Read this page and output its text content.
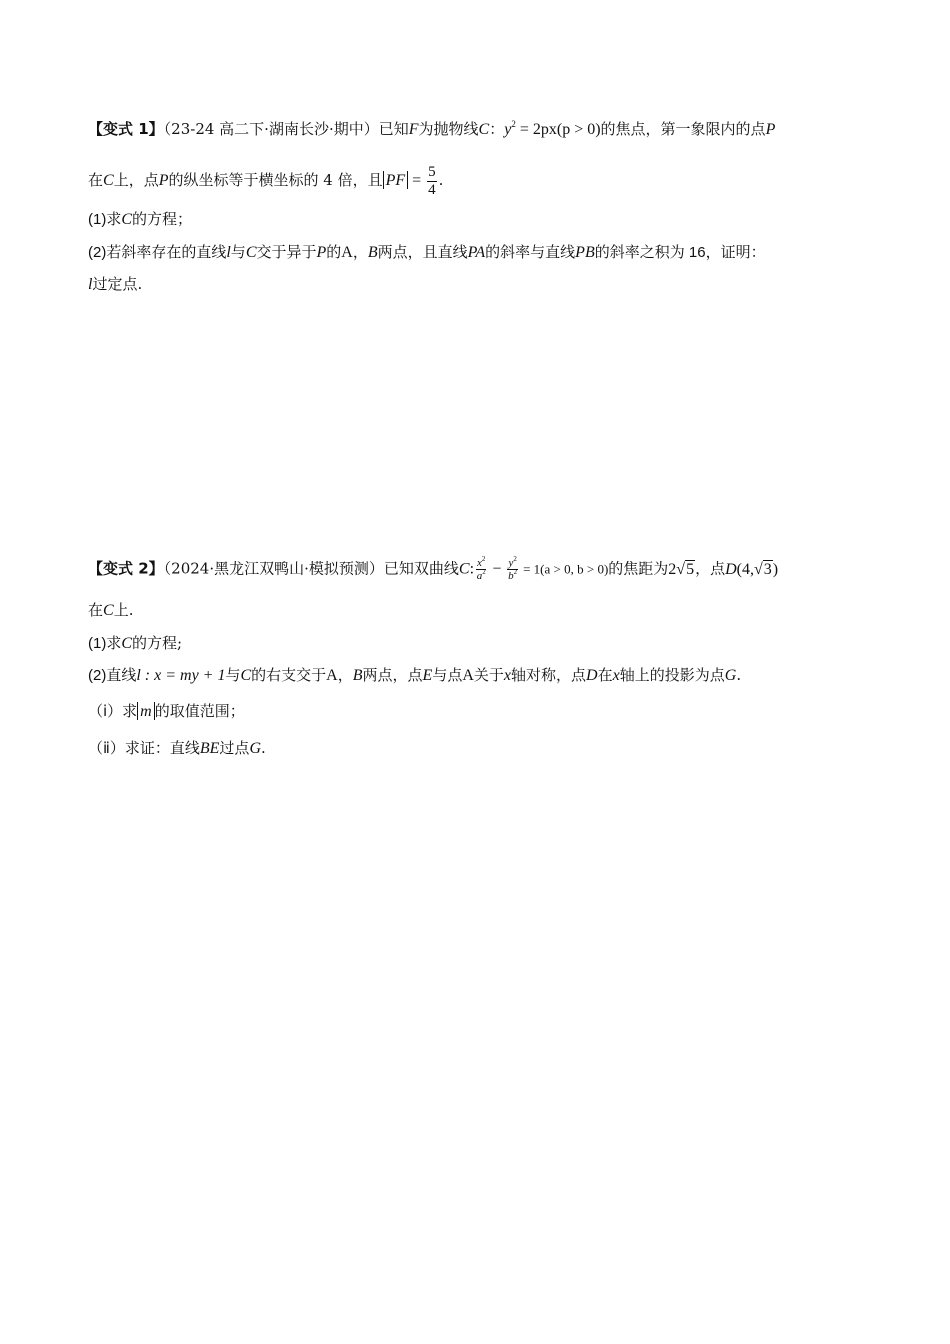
【变式 1】（23-24 高二下·湖南长沙·期中）已知F为抛物线C：$y^2 = 2px(p > 0)$的焦点，第一象限内的点P
在C上，点P的纵坐标等于横坐标的 4 倍，且 PF = $\frac{5}{4}$ .
(1)求C的方程；
(2)若斜率存在的直线l与C交于异于P的A，B两点，且直线PA的斜率与直线PB的斜率之积为 16，证明：
l过定点.
【变式 2】（2024·黑龙江双鸭山·模拟预测）已知双曲线C: $\frac{x^2}{a^2} - \frac{y^2}{b^2} = 1(a > 0$, b > 0)的焦距为2√5，点D(4,√3)
在C上.
(1)求C的方程;
(2)直线l : x = my + 1与C的右支交于A，B两点，点E与点A关于x轴对称，点D在x轴上的投影为点G.
（ⅰ）求 m 的取值范围；
（ⅱ）求证：直线BE过点G.
